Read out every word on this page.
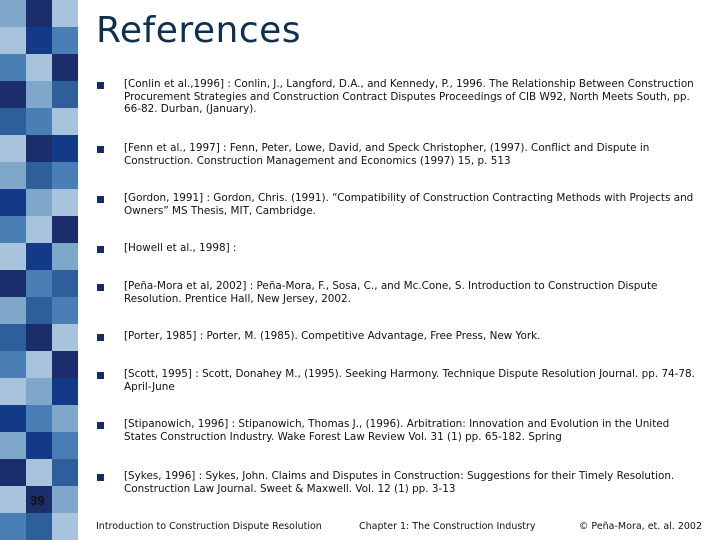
References
[Conlin et al.,1996] : Conlin, J., Langford, D.A., and Kennedy, P., 1996. The Relationship Between Construction Procurement Strategies and Construction Contract Disputes Proceedings of CIB W92, North Meets South, pp. 66-82. Durban, (January).
[Fenn et al., 1997] : Fenn, Peter, Lowe, David, and Speck Christopher, (1997). Conflict and Dispute in Construction. Construction Management and Economics (1997) 15, p. 513
[Gordon, 1991] : Gordon, Chris. (1991). “Compatibility of Construction Contracting Methods with Projects and Owners” MS Thesis, MIT, Cambridge.
[Howell et al., 1998] :
[Peña-Mora et al, 2002] : Peña-Mora, F., Sosa, C., and Mc.Cone, S. Introduction to Construction Dispute Resolution. Prentice Hall, New Jersey, 2002.
[Porter, 1985] : Porter, M. (1985). Competitive Advantage, Free Press, New York.
[Scott, 1995] : Scott, Donahey M., (1995). Seeking Harmony. Technique Dispute Resolution Journal. pp. 74-78. April-June
[Stipanowich, 1996] : Stipanowich, Thomas J., (1996). Arbitration: Innovation and Evolution in the United States Construction Industry. Wake Forest Law Review Vol. 31 (1) pp. 65-182. Spring
[Sykes, 1996] : Sykes, John. Claims and Disputes in Construction: Suggestions for their Timely Resolution. Construction Law Journal. Sweet & Maxwell. Vol. 12 (1) pp. 3-13
39
Introduction to Construction Dispute Resolution	Chapter 1: The Construction Industry	© Peña-Mora, et. al. 2002
